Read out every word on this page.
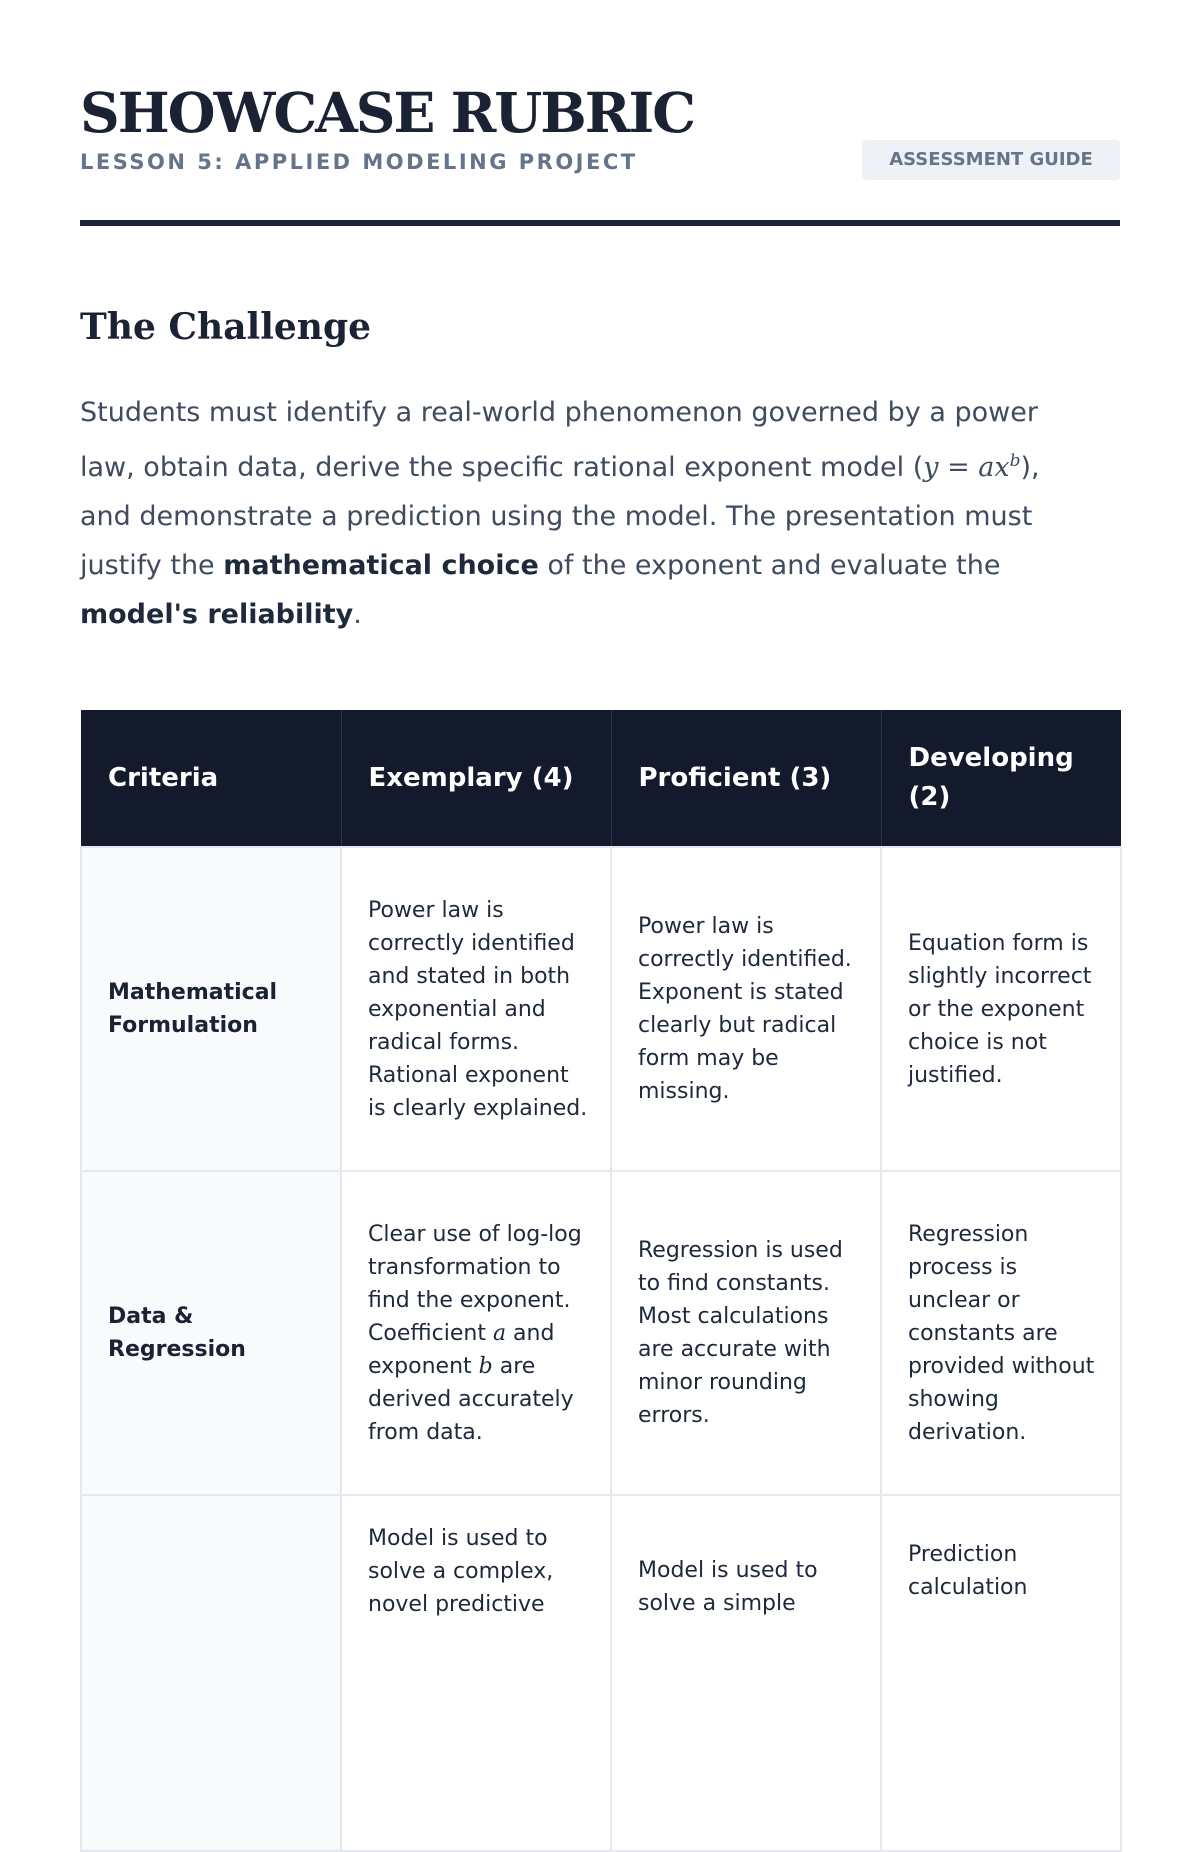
SHOWCASE RUBRIC
LESSON 5: APPLIED MODELING PROJECT	ASSESSMENT GUIDE
The Challenge

Students must identify a real-world phenomenon governed by a power law, obtain data, derive the specific rational exponent model $(y = ax^b)$, and demonstrate a prediction using the model. The presentation must justify the mathematical choice of the exponent and evaluate the model's reliability.

Criteria	Exemplary (4)	Proficient (3)	Developing (2)
Mathematical Formulation	Power law is correctly identified and stated in both exponential and radical forms. Rational exponent is clearly explained.	Power law is correctly identified. Exponent is stated clearly but radical form may be missing.	Equation form is slightly incorrect or the exponent choice is not justified.
Data & Regression	Clear use of log-log transformation to find the exponent. Coefficient a and exponent b are derived accurately from data.	Regression is used to find constants. Most calculations are accurate with minor rounding errors.	Regression process is unclear or constants are provided without showing derivation.
	Model is used to solve a complex, novel predictive	Model is used to solve a simple	Prediction calculation
